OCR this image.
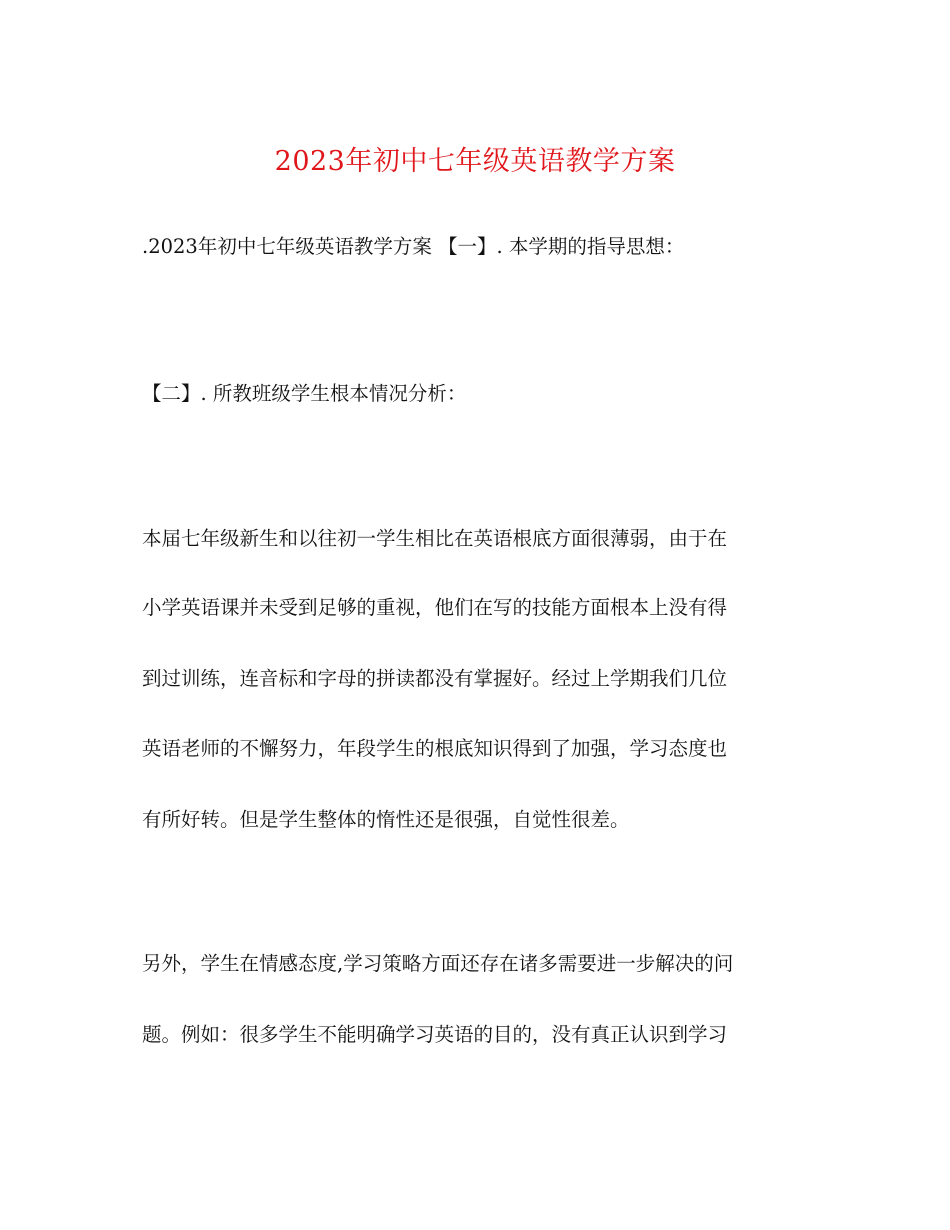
2023年初中七年级英语教学方案

.2023年初中七年级英语教学方案 【一】. 本学期的指导思想：

【二】. 所教班级学生根本情况分析：

本届七年级新生和以往初一学生相比在英语根底方面很薄弱，由于在

小学英语课并未受到足够的重视，他们在写的技能方面根本上没有得

到过训练，连音标和字母的拼读都没有掌握好。经过上学期我们几位

英语老师的不懈努力，年段学生的根底知识得到了加强，学习态度也

有所好转。但是学生整体的惰性还是很强，自觉性很差。

另外，学生在情感态度,学习策略方面还存在诸多需要进一步解决的问

题。例如：很多学生不能明确学习英语的目的，没有真正认识到学习
